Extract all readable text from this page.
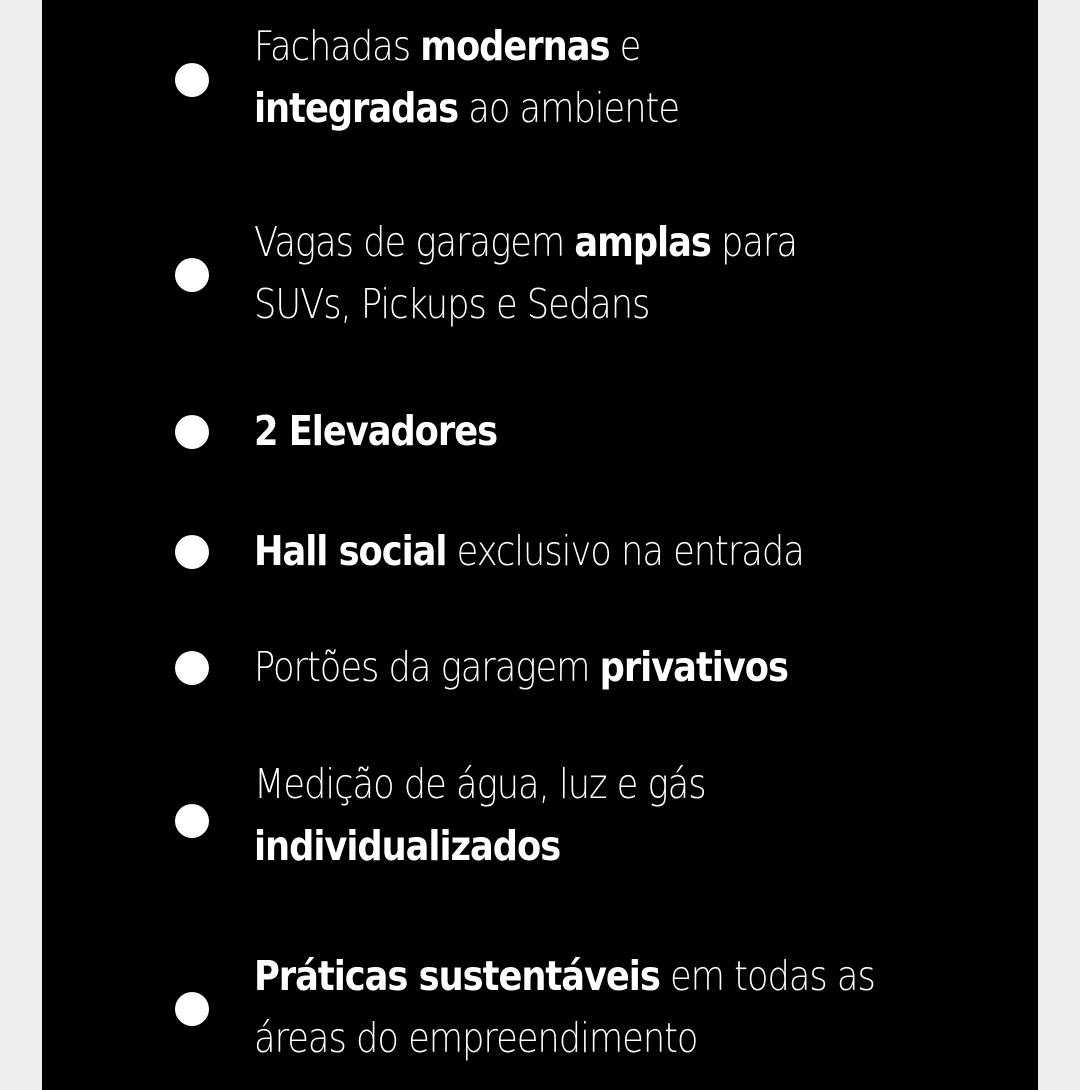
Fachadas modernas e
integradas ao ambiente
Vagas de garagem amplas para
SUVs, Pickups e Sedans
2 Elevadores
Hall social exclusivo na entrada
Portões da garagem privativos
Medição de água, luz e gás
individualizados
Práticas sustentáveis em todas as
áreas do empreendimento
